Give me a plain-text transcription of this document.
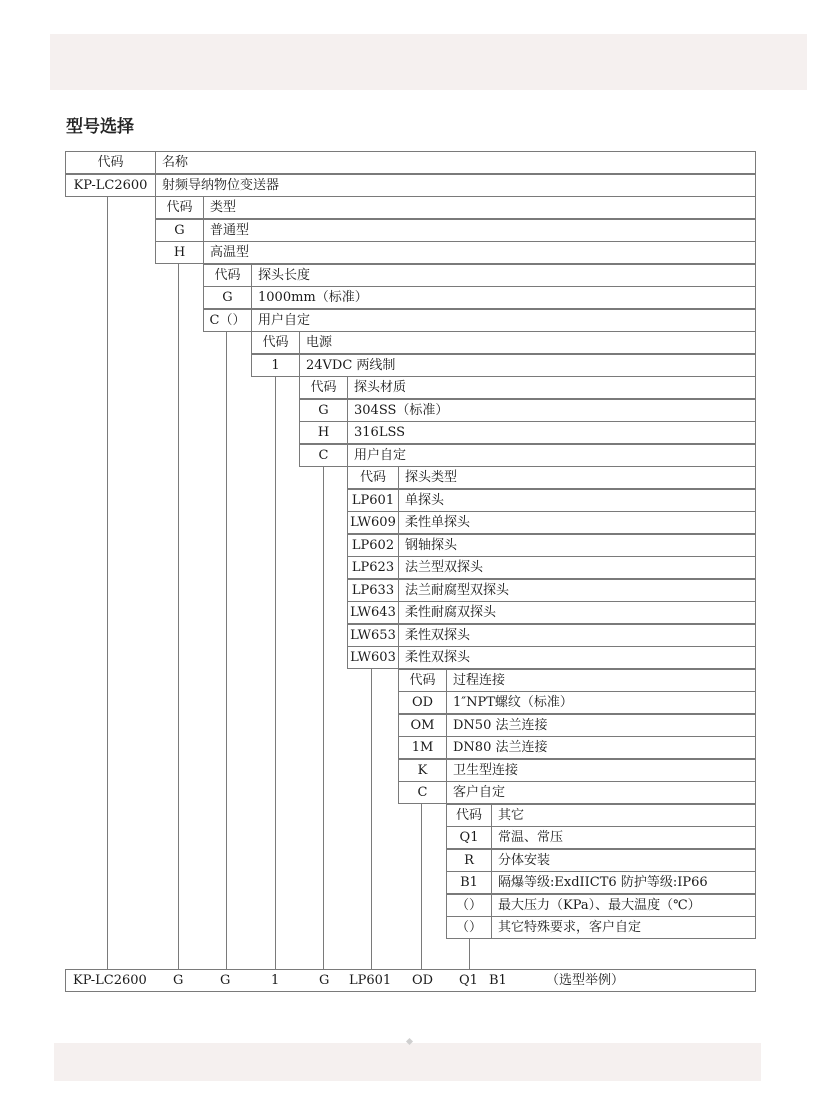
型号选择
代码	名称
KP-LC2600	射频导纳物位变送器
代码	类型
G	普通型
H	高温型
代码	探头长度
G	1000mm（标准）
C（） 用户自定
代码	电源
1	24VDC 两线制
代码	探头材质
G	304SS（标准）
H	316LSS
C	用户自定
代码	探头类型
LP601 单探头
LW609 柔性单探头
LP602 钢轴探头
LP623 法兰型双探头
LP633 法兰耐腐型双探头
LW643 柔性耐腐双探头
LW653 柔性双探头
LW603 柔性双探头
代码	过程连接
OD	1″NPT螺纹（标准）
OM	DN50 法兰连接
1M	DN80 法兰连接
K	卫生型连接
C	客户自定
代码	其它
Q1	常温、常压
R	分体安装
B1	隔爆等级:ExdIICT6 防护等级:IP66
（）	最大压力（KPa）、最大温度（℃）
（）	其它特殊要求，客户自定
KP-LC2600 G	G	1	G LP601 OD Q1 B1	（选型举例）
